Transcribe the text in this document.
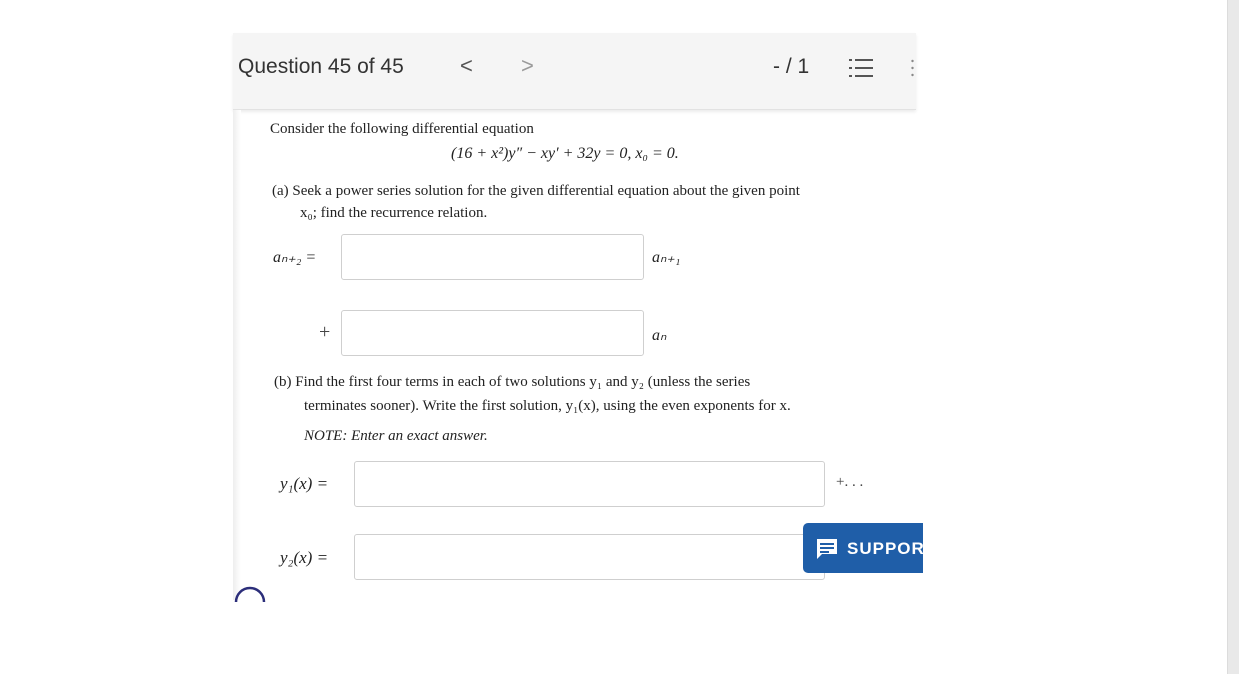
Question 45 of 45	< >	- / 1
Consider the following differential equation
(16 + x²)y″ − xy′ + 32y = 0, x₀ = 0.
(a) Seek a power series solution for the given differential equation about the given point
x₀; find the recurrence relation.
aₙ₊₂ =	aₙ₊₁
+	aₙ
(b) Find the first four terms in each of two solutions y₁ and y₂ (unless the series
terminates sooner). Write the first solution, y₁(x), using the even exponents for x.
NOTE: Enter an exact answer.
y₁(x) =	+. . .
y₂(x) =	SUPPOR
